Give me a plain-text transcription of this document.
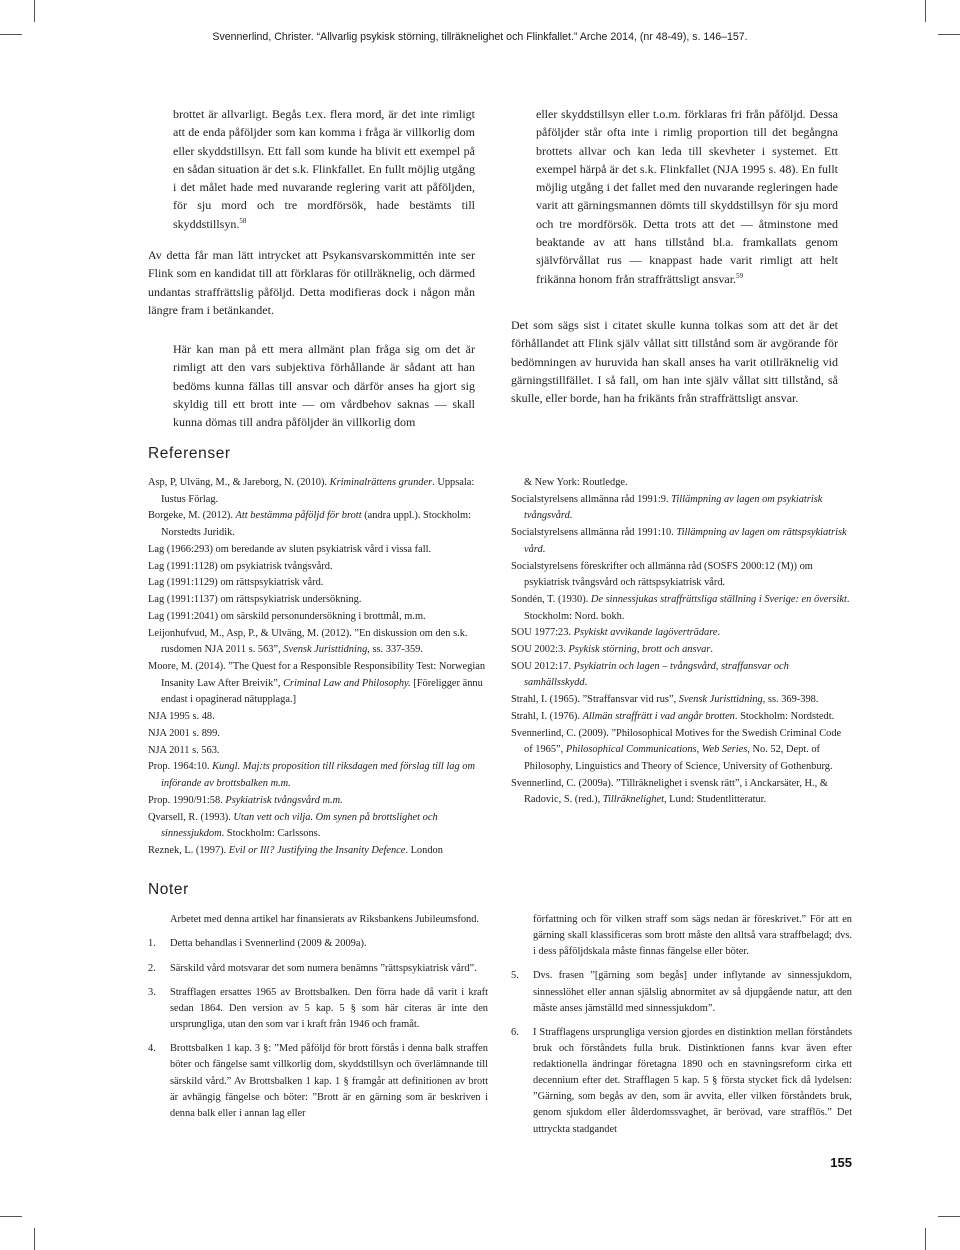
Svennerlind, Christer. “Allvarlig psykisk störning, tillräknelighet och Flinkfallet.” Arche 2014, (nr 48-49), s. 146–157.

brottet är allvarligt. Begås t.ex. flera mord, är det inte rimligt att de enda påföljder som kan komma i fråga är villkorlig dom eller skyddstillsyn. Ett fall som kunde ha blivit ett exempel på en sådan situation är det s.k. Flinkfallet. En fullt möjlig utgång i det målet hade med nuvarande reglering varit att påföljden, för sju mord och tre mordförsök, hade bestämts till skyddstillsyn.$^{58}$

Av detta får man lätt intrycket att Psykansvarskommittén inte ser Flink som en kandidat till att förklaras för otillräknelig, och därmed undantas straffrättslig påföljd. Detta modifieras dock i någon mån längre fram i betänkandet.

Här kan man på ett mera allmänt plan fråga sig om det är rimligt att den vars subjektiva förhållande är sådant att han bedöms kunna fällas till ansvar och därför anses ha gjort sig skyldig till ett brott inte — om vårdbehov saknas — skall kunna dömas till andra påföljder än villkorlig dom

eller skyddstillsyn eller t.o.m. förklaras fri från påföljd. Dessa påföljder står ofta inte i rimlig proportion till det begångna brottets allvar och kan leda till skevheter i systemet. Ett exempel härpå är det s.k. Flinkfallet (NJA 1995 s. 48). En fullt möjlig utgång i det fallet med den nuvarande regleringen hade varit att gärningsmannen dömts till skyddstillsyn för sju mord och tre mordförsök. Detta trots att det — åtminstone med beaktande av att hans tillstånd bl.a. framkallats genom självförvållat rus — knappast hade varit rimligt att helt frikänna honom från straffrättsligt ansvar.$^{59}$

Det som sägs sist i citatet skulle kunna tolkas som att det är det förhållandet att Flink själv vållat sitt tillstånd som är avgörande för bedömningen av huruvida han skall anses ha varit otillräknelig vid gärningstillfället. I så fall, om han inte själv vållat sitt tillstånd, så skulle, eller borde, han ha frikänts från straffrättsligt ansvar.

Referenser

Asp, P, Ulväng, M., & Jareborg, N. (2010). Kriminalrättens grunder. Uppsala: Iustus Förlag.

Borgeke, M. (2012). Att bestämma påföljd för brott (andra uppl.). Stockholm: Norstedts Juridik.

Lag (1966:293) om beredande av sluten psykiatrisk vård i vissa fall.

Lag (1991:1128) om psykiatrisk tvångsvård.

Lag (1991:1129) om rättspsykiatrisk vård.

Lag (1991:1137) om rättspsykiatrisk undersökning.

Lag (1991:2041) om särskild personundersökning i brottmål, m.m.

Leijonhufvud, M., Asp, P., & Ulväng, M. (2012). ”En diskussion om den s.k. rusdomen NJA 2011 s. 563”, Svensk Juristtidning, ss. 337-359.

Moore, M. (2014). ”The Quest for a Responsible Responsibility Test: Norwegian Insanity Law After Breivik”, Criminal Law and Philosophy. [Föreligger ännu endast i opaginerad nätupplaga.]

NJA 1995 s. 48.

NJA 2001 s. 899.

NJA 2011 s. 563.

Prop. 1964:10. Kungl. Maj:ts proposition till riksdagen med förslag till lag om införande av brottsbalken m.m.

Prop. 1990/91:58. Psykiatrisk tvångsvård m.m.

Qvarsell, R. (1993). Utan vett och vilja. Om synen på brottslighet och sinnessjukdom. Stockholm: Carlssons.

Reznek, L. (1997). Evil or Ill? Justifying the Insanity Defence. London

& New York: Routledge.

Socialstyrelsens allmänna råd 1991:9. Tillämpning av lagen om psykiatrisk tvångsvård.

Socialstyrelsens allmänna råd 1991:10. Tillämpning av lagen om rättspsykiatrisk vård.

Socialstyrelsens föreskrifter och allmänna råd (SOSFS 2000:12 (M)) om psykiatrisk tvångsvård och rättspsykiatrisk vård.

Sondén, T. (1930). De sinnessjukas straffrättsliga ställning i Sverige: en översikt. Stockholm: Nord. bokh.

SOU 1977:23. Psykiskt avvikande lagöverträdare.

SOU 2002:3. Psykisk störning, brott och ansvar.

SOU 2012:17. Psykiatrin och lagen – tvångsvård, straffansvar och samhällsskydd.

Strahl, I. (1965). ”Straffansvar vid rus”, Svensk Juristtidning, ss. 369-398.

Strahl, I. (1976). Allmän straffrätt i vad angår brotten. Stockholm: Nordstedt.

Svennerlind, C. (2009). ”Philosophical Motives for the Swedish Criminal Code of 1965”, Philosophical Communications, Web Series, No. 52, Dept. of Philosophy, Linguistics and Theory of Science, University of Gothenburg.

Svennerlind, C. (2009a). ”Tillräknelighet i svensk rätt”, i Anckarsäter, H., & Radovic, S. (red.), Tillräknelighet, Lund: Studentlitteratur.

Noter
Arbetet med denna artikel har finansierats av Riksbankens Jubileumsfond.
1. Detta behandlas i Svennerlind (2009 & 2009a).
2. Särskild vård motsvarar det som numera benämns ”rättspsykiatrisk vård”.
3. Strafflagen ersattes 1965 av Brottsbalken. Den förra hade då varit i kraft sedan 1864. Den version av 5 kap. 5 § som här citeras är inte den ursprungliga, utan den som var i kraft från 1946 och framåt.
4. Brottsbalken 1 kap. 3 §: ”Med påföljd för brott förstås i denna balk straffen böter och fängelse samt villkorlig dom, skyddstillsyn och överlämnande till särskild vård.” Av Brottsbalken 1 kap. 1 § framgår att definitionen av brott är avhängig fängelse och böter: ”Brott är en gärning som är beskriven i denna balk eller i annan lag eller
författning och för vilken straff som sägs nedan är föreskrivet.” För att en gärning skall klassificeras som brott måste den alltså vara straffbelagd; dvs. i dess påföljdskala måste finnas fängelse eller böter.
5. Dvs. frasen ”[gärning som begås] under inflytande av sinnessjukdom, sinnesslöhet eller annan själslig abnormitet av så djupgående natur, att den måste anses jämställd med sinnessjukdom”.
6. I Strafflagens ursprungliga version gjordes en distinktion mellan förståndets bruk och förståndets fulla bruk. Distinktionen fanns kvar även efter redaktionella ändringar företagna 1890 och en stavningsreform cirka ett decennium efter det. Strafflagen 5 kap. 5 § första stycket fick då lydelsen: ”Gärning, som begås av den, som är avvita, eller vilken förståndets bruk, genom sjukdom eller ålderdomssvaghet, är berövad, vare strafflös.” Det uttryckta stadgandet
155
